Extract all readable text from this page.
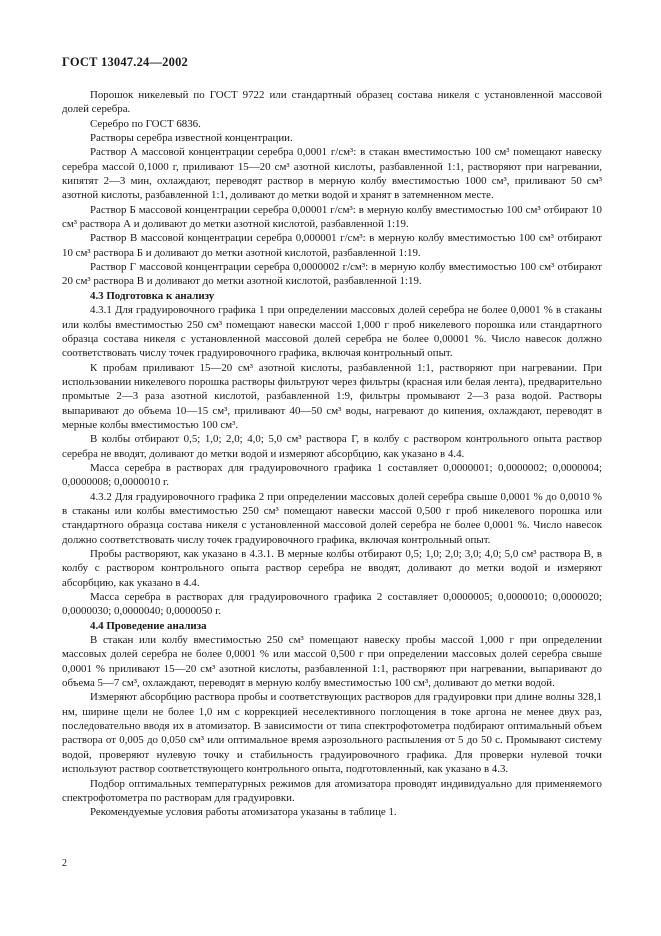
ГОСТ 13047.24—2002

Порошок никелевый по ГОСТ 9722 или стандартный образец состава никеля с установленной массовой долей серебра.

Серебро по ГОСТ 6836.

Растворы серебра известной концентрации.

Раствор А массовой концентрации серебра 0,0001 г/см³: в стакан вместимостью 100 см³ помещают навеску серебра массой 0,1000 г, приливают 15—20 см³ азотной кислоты, разбавленной 1:1, растворяют при нагревании, кипятят 2—3 мин, охлаждают, переводят раствор в мерную колбу вместимостью 1000 см³, приливают 50 см³ азотной кислоты, разбавленной 1:1, доливают до метки водой и хранят в затемненном месте.

Раствор Б массовой концентрации серебра 0,00001 г/см³: в мерную колбу вместимостью 100 см³ отбирают 10 см³ раствора А и доливают до метки азотной кислотой, разбавленной 1:19.

Раствор В массовой концентрации серебра 0,000001 г/см³: в мерную колбу вместимостью 100 см³ отбирают 10 см³ раствора Б и доливают до метки азотной кислотой, разбавленной 1:19.

Раствор Г массовой концентрации серебра 0,0000002 г/см³: в мерную колбу вместимостью 100 см³ отбирают 20 см³ раствора В и доливают до метки азотной кислотой, разбавленной 1:19.

4.3 Подготовка к анализу

4.3.1 Для градуировочного графика 1 при определении массовых долей серебра не более 0,0001 % в стаканы или колбы вместимостью 250 см³ помещают навески массой 1,000 г проб никелевого порошка или стандартного образца состава никеля с установленной массовой долей серебра не более 0,00001 %. Число навесок должно соответствовать числу точек градуировочного графика, включая контрольный опыт.

К пробам приливают 15—20 см³ азотной кислоты, разбавленной 1:1, растворяют при нагревании. При использовании никелевого порошка растворы фильтруют через фильтры (красная или белая лента), предварительно промытые 2—3 раза азотной кислотой, разбавленной 1:9, фильтры промывают 2—3 раза водой. Растворы выпаривают до объема 10—15 см³, приливают 40—50 см³ воды, нагревают до кипения, охлаждают, переводят в мерные колбы вместимостью 100 см³.

В колбы отбирают 0,5; 1,0; 2,0; 4,0; 5,0 см³ раствора Г, в колбу с раствором контрольного опыта раствор серебра не вводят, доливают до метки водой и измеряют абсорбцию, как указано в 4.4.

Масса серебра в растворах для градуировочного графика 1 составляет 0,0000001; 0,0000002; 0,0000004; 0,0000008; 0,0000010 г.

4.3.2 Для градуировочного графика 2 при определении массовых долей серебра свыше 0,0001 % до 0,0010 % в стаканы или колбы вместимостью 250 см³ помещают навески массой 0,500 г проб никелевого порошка или стандартного образца состава никеля с установленной массовой долей серебра не более 0,0001 %. Число навесок должно соответствовать числу точек градуировочного графика, включая контрольный опыт.

Пробы растворяют, как указано в 4.3.1. В мерные колбы отбирают 0,5; 1,0; 2,0; 3,0; 4,0; 5,0 см³ раствора В, в колбу с раствором контрольного опыта раствор серебра не вводят, доливают до метки водой и измеряют абсорбцию, как указано в 4.4.

Масса серебра в растворах для градуировочного графика 2 составляет 0,0000005; 0,0000010; 0,0000020; 0,0000030; 0,0000040; 0,0000050 г.

4.4 Проведение анализа

В стакан или колбу вместимостью 250 см³ помещают навеску пробы массой 1,000 г при определении массовых долей серебра не более 0,0001 % или массой 0,500 г при определении массовых долей серебра свыше 0,0001 % приливают 15—20 см³ азотной кислоты, разбавленной 1:1, растворяют при нагревании, выпаривают до объема 5—7 см³, охлаждают, переводят в мерную колбу вместимостью 100 см³, доливают до метки водой.

Измеряют абсорбцию раствора пробы и соответствующих растворов для градуировки при длине волны 328,1 нм, ширине щели не более 1,0 нм с коррекцией неселективного поглощения в токе аргона не менее двух раз, последовательно вводя их в атомизатор. В зависимости от типа спектрофотометра подбирают оптимальный объем раствора от 0,005 до 0,050 см³ или оптимальное время аэрозольного распыления от 5 до 50 с. Промывают систему водой, проверяют нулевую точку и стабильность градуировочного графика. Для проверки нулевой точки используют раствор соответствующего контрольного опыта, подготовленный, как указано в 4.3.

Подбор оптимальных температурных режимов для атомизатора проводят индивидуально для применяемого спектрофотометра по растворам для градуировки.

Рекомендуемые условия работы атомизатора указаны в таблице 1.

2
